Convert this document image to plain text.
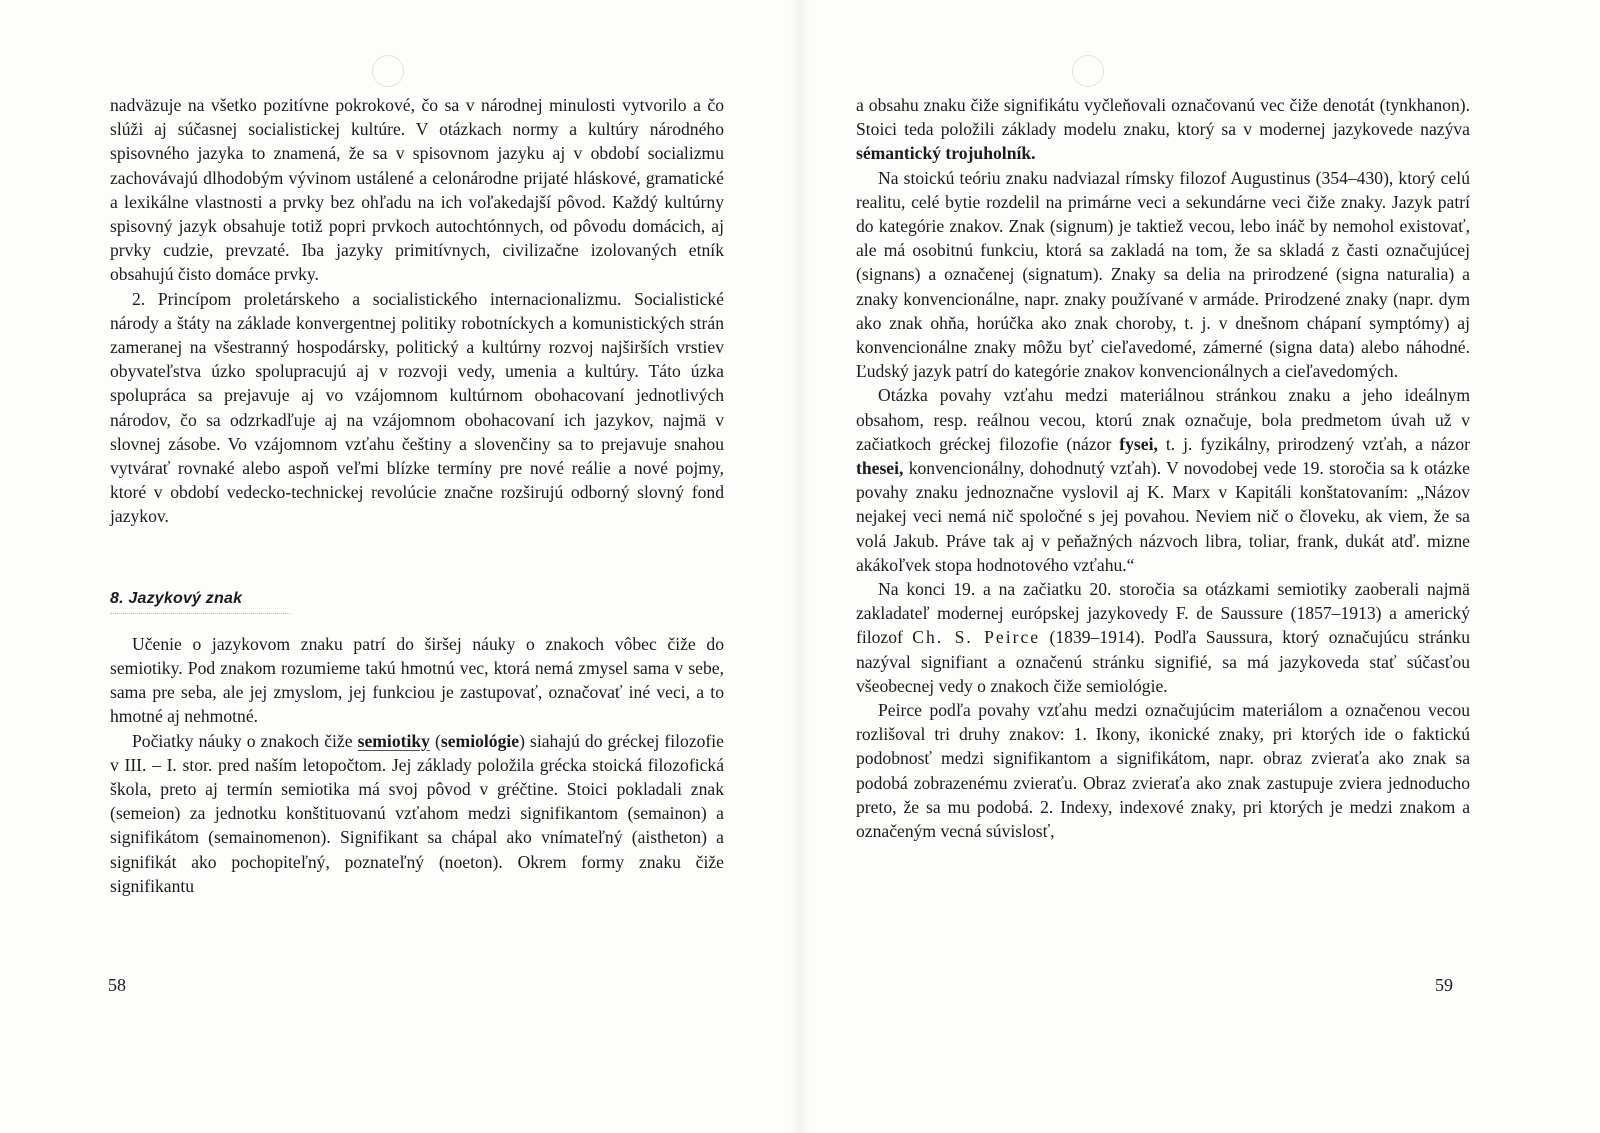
nadväzuje na všetko pozitívne pokrokové, čo sa v národnej minulosti vytvorilo a čo slúži aj súčasnej socialistickej kultúre. V otázkach normy a kultúry národného spisovného jazyka to znamená, že sa v spisovnom jazyku aj v období socializmu zachovávajú dlhodobým vývinom ustálené a celonárodne prijaté hláskové, gramatické a lexikálne vlastnosti a prvky bez ohľadu na ich voľakedajší pôvod. Každý kultúrny spisovný jazyk obsahuje totiž popri prvkoch autochtónnych, od pôvodu domácich, aj prvky cudzie, prevzaté. Iba jazyky primitívnych, civilizačne izolovaných etník obsahujú čisto domáce prvky.

2. Princípom proletárskeho a socialistického internacionalizmu. Socialistické národy a štáty na základe konvergentnej politiky robotníckych a komunistických strán zameranej na všestranný hospodársky, politický a kultúrny rozvoj najširších vrstiev obyvateľstva úzko spolupracujú aj v rozvoji vedy, umenia a kultúry. Táto úzka spolupráca sa prejavuje aj vo vzájomnom kultúrnom obohacovaní jednotlivých národov, čo sa odzrkadľuje aj na vzájomnom obohacovaní ich jazykov, najmä v slovnej zásobe. Vo vzájomnom vzťahu češtiny a slovenčiny sa to prejavuje snahou vytvárať rovnaké alebo aspoň veľmi blízke termíny pre nové reálie a nové pojmy, ktoré v období vedecko-technickej revolúcie značne rozširujú odborný slovný fond jazykov.

8. Jazykový znak

Učenie o jazykovom znaku patrí do širšej náuky o znakoch vôbec čiže do semiotiky. Pod znakom rozumieme takú hmotnú vec, ktorá nemá zmysel sama v sebe, sama pre seba, ale jej zmyslom, jej funkciou je zastupovať, označovať iné veci, a to hmotné aj nehmotné.

Počiatky náuky o znakoch čiže semiotiky (semiológie) siahajú do gréckej filozofie v III. – I. stor. pred naším letopočtom. Jej základy položila grécka stoická filozofická škola, preto aj termín semiotika má svoj pôvod v gréčtine. Stoici pokladali znak (semeion) za jednotku konštituovanú vzťahom medzi signifikantom (semainon) a signifikátom (semainomenon). Signifikant sa chápal ako vnímateľný (aistheton) a signifikát ako pochopiteľný, poznateľný (noeton). Okrem formy znaku čiže signifikantu

58

a obsahu znaku čiže signifikátu vyčleňovali označovanú vec čiže denotát (tynkhanon). Stoici teda položili základy modelu znaku, ktorý sa v modernej jazykovede nazýva sémantický trojuholník.

Na stoickú teóriu znaku nadviazal rímsky filozof Augustinus (354–430), ktorý celú realitu, celé bytie rozdelil na primárne veci a sekundárne veci čiže znaky. Jazyk patrí do kategórie znakov. Znak (signum) je taktiež vecou, lebo ináč by nemohol existovať, ale má osobitnú funkciu, ktorá sa zakladá na tom, že sa skladá z časti označujúcej (signans) a označenej (signatum). Znaky sa delia na prirodzené (signa naturalia) a znaky konvencionálne, napr. znaky používané v armáde. Prirodzené znaky (napr. dym ako znak ohňa, horúčka ako znak choroby, t. j. v dnešnom chápaní symptómy) aj konvencionálne znaky môžu byť cieľavedomé, zámerné (signa data) alebo náhodné. Ľudský jazyk patrí do kategórie znakov konvencionálnych a cieľavedomých.

Otázka povahy vzťahu medzi materiálnou stránkou znaku a jeho ideálnym obsahom, resp. reálnou vecou, ktorú znak označuje, bola predmetom úvah už v začiatkoch gréckej filozofie (názor fysei, t. j. fyzikálny, prirodzený vzťah, a názor thesei, konvencionálny, dohodnutý vzťah). V novodobej vede 19. storočia sa k otázke povahy znaku jednoznačne vyslovil aj K. Marx v Kapitáli konštatovaním: „Názov nejakej veci nemá nič spoločné s jej povahou. Neviem nič o človeku, ak viem, že sa volá Jakub. Práve tak aj v peňažných názvoch libra, toliar, frank, dukát atď. mizne akákoľvek stopa hodnotového vzťahu.“

Na konci 19. a na začiatku 20. storočia sa otázkami semiotiky zaoberali najmä zakladateľ modernej európskej jazykovedy F. de Saussure (1857–1913) a americký filozof Ch. S. Peirce (1839–1914). Podľa Saussura, ktorý označujúcu stránku nazýval signifiant a označenú stránku signifié, sa má jazykoveda stať súčasťou všeobecnej vedy o znakoch čiže semiológie.

Peirce podľa povahy vzťahu medzi označujúcim materiálom a označenou vecou rozlišoval tri druhy znakov: 1. Ikony, ikonické znaky, pri ktorých ide o faktickú podobnosť medzi signifikantom a signifikátom, napr. obraz zvieraťa ako znak sa podobá zobrazenému zvieraťu. Obraz zvieraťa ako znak zastupuje zviera jednoducho preto, že sa mu podobá. 2. Indexy, indexové znaky, pri ktorých je medzi znakom a označeným vecná súvislosť,

59
